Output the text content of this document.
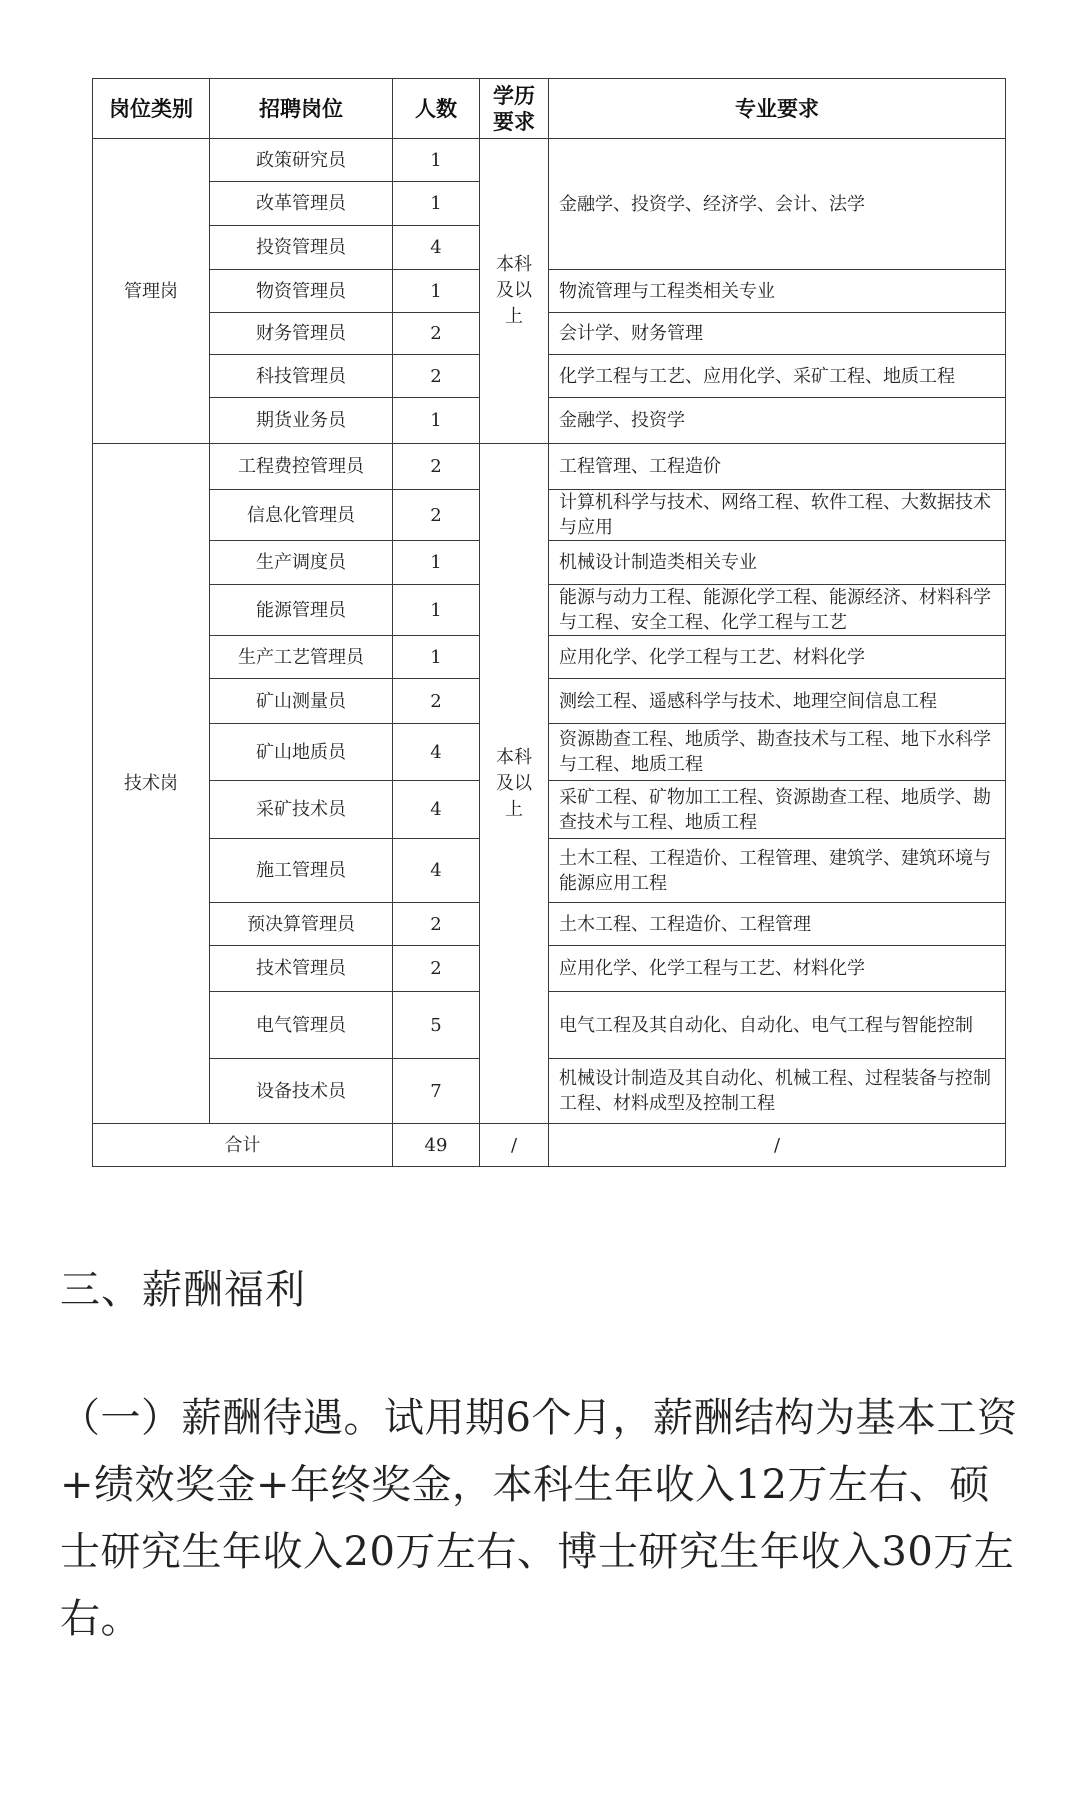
岗位类别	招聘岗位	人数	学历要求	专业要求
管理岗	政策研究员	1	本科及以上	金融学、投资学、经济学、会计、法学
	改革管理员	1		
	投资管理员	4		
	物资管理员	1		物流管理与工程类相关专业
	财务管理员	2		会计学、财务管理
	科技管理员	2		化学工程与工艺、应用化学、采矿工程、地质工程
	期货业务员	1		金融学、投资学
技术岗	工程费控管理员	2	本科及以上	工程管理、工程造价
	信息化管理员	2		计算机科学与技术、网络工程、软件工程、大数据技术与应用
	生产调度员	1		机械设计制造类相关专业
	能源管理员	1		能源与动力工程、能源化学工程、能源经济、材料科学与工程、安全工程、化学工程与工艺
	生产工艺管理员	1		应用化学、化学工程与工艺、材料化学
	矿山测量员	2		测绘工程、遥感科学与技术、地理空间信息工程
	矿山地质员	4		资源勘查工程、地质学、勘查技术与工程、地下水科学与工程、地质工程
	采矿技术员	4		采矿工程、矿物加工工程、资源勘查工程、地质学、勘查技术与工程、地质工程
	施工管理员	4		土木工程、工程造价、工程管理、建筑学、建筑环境与能源应用工程
	预决算管理员	2		土木工程、工程造价、工程管理
	技术管理员	2		应用化学、化学工程与工艺、材料化学
	电气管理员	5		电气工程及其自动化、自动化、电气工程与智能控制
	设备技术员	7		机械设计制造及其自动化、机械工程、过程装备与控制工程、材料成型及控制工程
合计		49	/	/
三、薪酬福利

（一）薪酬待遇。试用期6个月，薪酬结构为基本工资+绩效奖金+年终奖金，本科生年收入12万左右、硕士研究生年收入20万左右、博士研究生年收入30万左右。
